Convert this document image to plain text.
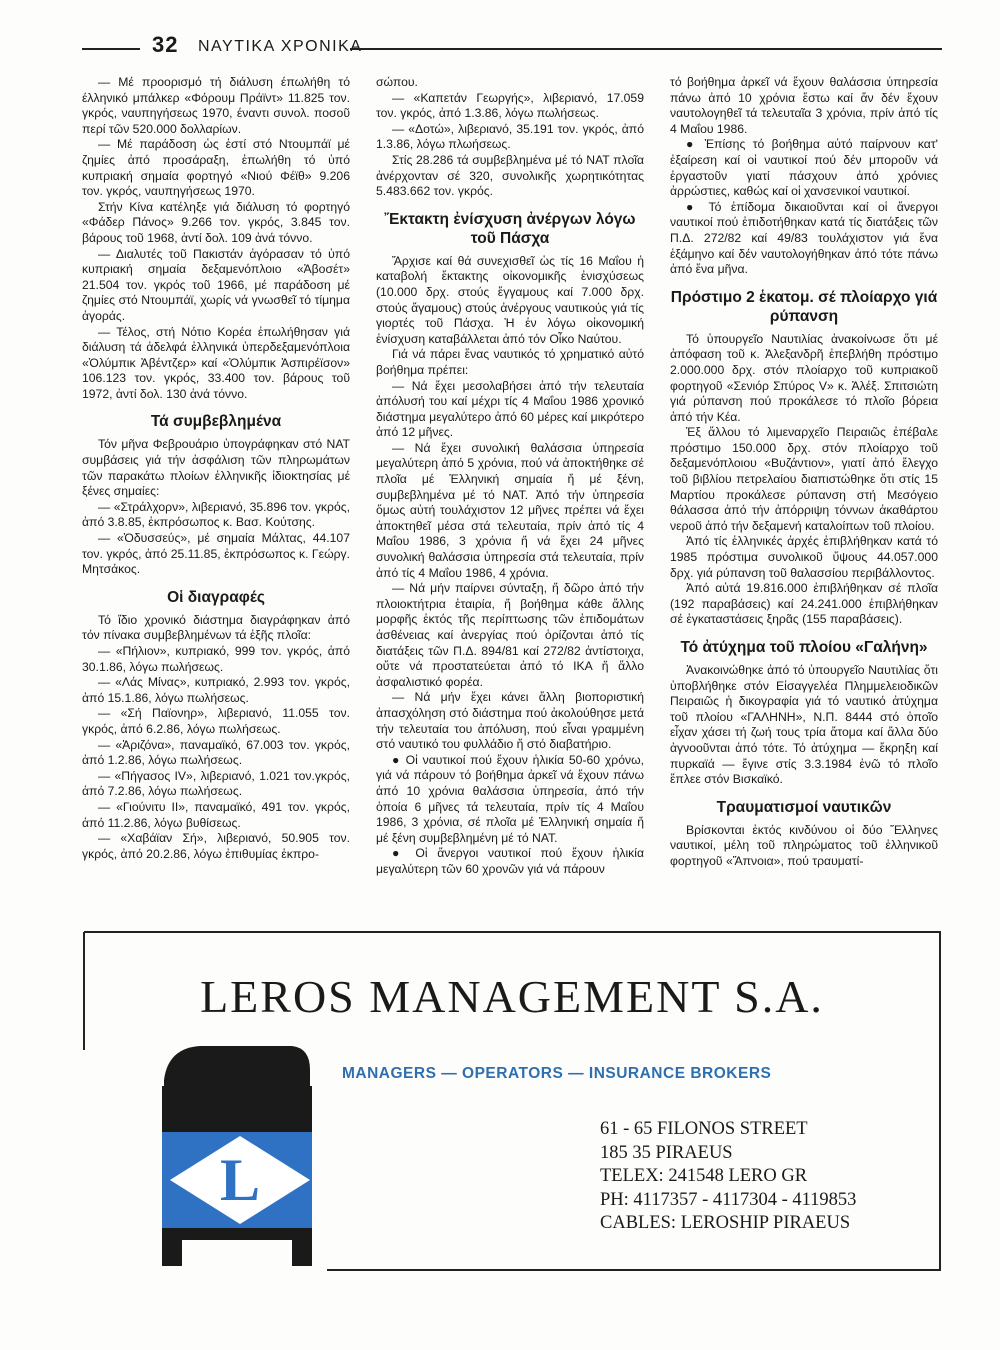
32 ΝΑΥΤΙΚΑ ΧΡΟΝΙΚΑ

— Μέ προορισμό τή διάλυση έπωλήθη τό έλληνικό μπάλκερ «Φόρουμ Πράϊντ» 11.825 τον. γκρός, ναυπηγήσεως 1970, έναντι συνολ. ποσοῦ περί τῶν 520.000 δολλαρίων.

— Μέ παράδοση ὡς ἐστί στό Ντουμπάϊ μέ ζημίες ἀπό προσάραξη, ἐπωλήθη τό ὑπό κυπριακή σημαία φορτηγό «Νιού Φέϊθ» 9.206 τον. γκρός, ναυπηγήσεως 1970.

Στήν Κίνα κατέληξε γιά διάλυση τό φορτηγό «Φάδερ Πάνος» 9.266 τον. γκρός, 3.845 τον. βάρους τοῦ 1968, ἀντί δολ. 109 ἀνά τόννο.

— Διαλυτές τοῦ Πακιστάν ἀγόρασαν τό ὑπό κυπριακή σημαία δεξαμενόπλοιο «Ἀβοσέτ» 21.504 τον. γκρός τοῦ 1966, μέ παράδοση μέ ζημίες στό Ντουμπάϊ, χωρίς νά γνωσθεῖ τό τίμημα ἀγοράς.

— Τέλος, στή Νότιο Κορέα ἐπωλήθησαν γιά διάλυση τά ἀδελφά ἑλληνικά ὑπερδεξαμενόπλοια «Ὀλύμπικ Ἀβέντζερ» καί «Ὀλύμπικ Ἀσπιρέϊσον» 106.123 τον. γκρός, 33.400 τον. βάρους τοῦ 1972, ἀντί δολ. 130 ἀνά τόννο.

Τά συμβεβλημένα

Τόν μῆνα Φεβρουάριο ὑπογράφηκαν στό ΝΑΤ συμβάσεις γιά τήν ἀσφάλιση τῶν πληρωμάτων τῶν παρακάτω πλοίων ἑλληνικῆς ἰδιοκτησίας μέ ξένες σημαίες:

— «Στράλχορν», λιβεριανό, 35.896 τον. γκρός, ἀπό 3.8.85, ἐκπρόσωπος κ. Βασ. Κούτσης.

— «Ὀδυσσεύς», μέ σημαία Μάλτας, 44.107 τον. γκρός, ἀπό 25.11.85, ἐκπρόσωπος κ. Γεώργ. Μητσάκος.

Οἱ διαγραφές

Τό ἴδιο χρονικό διάστημα διαγράφηκαν ἀπό τόν πίνακα συμβεβλημένων τά ἑξῆς πλοῖα:

— «Πήλιον», κυπριακό, 999 τον. γκρός, ἀπό 30.1.86, λόγω πωλήσεως.

— «Λάς Μίνας», κυπριακό, 2.993 τον. γκρός, ἀπό 15.1.86, λόγω πωλήσεως.

— «Σή Παϊονηρ», λιβεριανό, 11.055 τον. γκρός, ἀπό 6.2.86, λόγω πωλήσεως.

— «Ἀριζόνα», παναμαϊκό, 67.003 τον. γκρός, ἀπό 1.2.86, λόγω πωλήσεως.

— «Πήγασος IV», λιβεριανό, 1.021 τον.γκρός, ἀπό 7.2.86, λόγω πωλήσεως.

— «Γιούνιτυ ΙΙ», παναμαϊκό, 491 τον. γκρός, ἀπό 11.2.86, λόγω βυθίσεως.

— «Χαβάϊαν Σή», λιβεριανό, 50.905 τον. γκρός, ἀπό 20.2.86, λόγω ἐπιθυμίας ἐκπρο-

σώπου.

— «Καπετάν Γεωργής», λιβεριανό, 17.059 τον. γκρός, ἀπό 1.3.86, λόγω πωλήσεως.

— «Δοτώ», λιβεριανό, 35.191 τον. γκρός, ἀπό 1.3.86, λόγω πλωήσεως.

Στίς 28.286 τά συμβεβλημένα μέ τό ΝΑΤ πλοῖα ἀνέρχονταν σέ 320, συνολικῆς χωρητικότητας 5.483.662 τον. γκρός.

Ἔκτακτη ἐνίσχυση ἀνέργων λόγω τοῦ Πάσχα

Ἄρχισε καί θά συνεχισθεῖ ὡς τίς 16 Μαΐου ἡ καταβολή ἔκτακτης οἰκονομικῆς ἐνισχύσεως (10.000 δρχ. στούς ἔγγαμους καί 7.000 δρχ. στούς ἄγαμους) στούς ἀνέργους ναυτικούς γιά τίς γιορτές τοῦ Πάσχα. Ἡ ἐν λόγω οἰκονομική ἐνίσχυση καταβάλλεται ἀπό τόν Οἶκο Ναύτου.

Γιά νά πάρει ἕνας ναυτικός τό χρηματικό αὐτό βοήθημα πρέπει:

— Νά ἔχει μεσολαβήσει ἀπό τήν τελευταία ἀπόλυσή του καί μέχρι τίς 4 Μαΐου 1986 χρονικό διάστημα μεγαλύτερο ἀπό 60 μέρες καί μικρότερο ἀπό 12 μῆνες.

— Νά ἔχει συνολική θαλάσσια ὑπηρεσία μεγαλύτερη ἀπό 5 χρόνια, πού νά ἀποκτήθηκε σέ πλοῖα μέ Ἑλληνική σημαία ἤ μέ ξένη, συμβεβλημένα μέ τό ΝΑΤ. Ἀπό τήν ὑπηρεσία ὅμως αὐτή τουλάχιστον 12 μῆνες πρέπει νά ἔχει ἀποκτηθεῖ μέσα στά τελευταία, πρίν ἀπό τίς 4 Μαΐου 1986, 3 χρόνια ἤ νά ἔχει 24 μῆνες συνολική θαλάσσια ὑπηρεσία στά τελευταία, πρίν ἀπό τίς 4 Μαΐου 1986, 4 χρόνια.

— Νά μήν παίρνει σύνταξη, ἤ δῶρο ἀπό τήν πλοιοκτήτρια ἑταιρία, ἤ βοήθημα κάθε ἄλλης μορφῆς ἐκτός τῆς περίπτωσης τῶν ἐπιδομάτων ἀσθένειας καί ἀνεργίας πού ὁρίζονται ἀπό τίς διατάξεις τῶν Π.Δ. 894/81 καί 272/82 ἀντίστοιχα, οὔτε νά προστατεύεται ἀπό τό ΙΚΑ ἤ ἄλλο ἀσφαλιστικό φορέα.

— Νά μήν ἔχει κάνει ἄλλη βιοποριστική ἀπασχόληση στό διάστημα πού ἀκολούθησε μετά τήν τελευταία του ἀπόλυση, πού εἶναι γραμμένη στό ναυτικό του φυλλάδιο ἤ στό διαβατήριο.

● Οἱ ναυτικοί πού ἔχουν ἡλικία 50-60 χρόνω, γιά νά πάρουν τό βοήθημα ἀρκεῖ νά ἔχουν πάνω ἀπό 10 χρόνια θαλάσσια ὑπηρεσία, ἀπό τήν ὁποία 6 μῆνες τά τελευταία, πρίν τίς 4 Μαΐου 1986, 3 χρόνια, σέ πλοῖα μέ Ἑλληνική σημαία ἤ μέ ξένη συμβεβλημένη μέ τό ΝΑΤ.

● Οἱ ἄνεργοι ναυτικοί πού ἔχουν ἡλικία μεγαλύτερη τῶν 60 χρονῶν γιά νά πάρουν

τό βοήθημα ἀρκεῖ νά ἔχουν θαλάσσια ὑπηρεσία πάνω ἀπό 10 χρόνια ἔστω καί ἄν δέν ἔχουν ναυτολογηθεῖ τά τελευταῖα 3 χρόνια, πρίν ἀπό τίς 4 Μαΐου 1986.

● Ἐπίσης τό βοήθημα αὐτό παίρνουν κατ' ἐξαίρεση καί οἱ ναυτικοί πού δέν μποροῦν νά ἐργαστοῦν γιατί πάσχουν ἀπό χρόνιες ἀρρώστιες, καθώς καί οἱ χανσενικοί ναυτικοί.

● Τό ἐπίδομα δικαιοῦνται καί οἱ ἄνεργοι ναυτικοί πού ἐπιδοτήθηκαν κατά τίς διατάξεις τῶν Π.Δ. 272/82 καί 49/83 τουλάχιστον γιά ἕνα ἑξάμηνο καί δέν ναυτολογήθηκαν ἀπό τότε πάνω ἀπό ἕνα μῆνα.

Πρόστιμο 2 ἑκατομ. σέ πλοίαρχο γιά ρύπανση

Τό ὑπουργεῖο Ναυτιλίας ἀνακοίνωσε ὅτι μέ ἀπόφαση τοῦ κ. Ἀλεξανδρῆ ἐπεβλήθη πρόστιμο 2.000.000 δρχ. στόν πλοίαρχο τοῦ κυπριακοῦ φορτηγοῦ «Σενιόρ Σπύρος V» κ. Ἀλέξ. Σπιτσιώτη γιά ρύπανση πού προκάλεσε τό πλοῖο βόρεια ἀπό τήν Κέα.

Ἐξ ἄλλου τό λιμεναρχεῖο Πειραιῶς ἐπέβαλε πρόστιμο 150.000 δρχ. στόν πλοίαρχο τοῦ δεξαμενόπλοιου «Βυζάντιον», γιατί ἀπό ἔλεγχο τοῦ βιβλίου πετρελαίου διαπιστώθηκε ὅτι στίς 15 Μαρτίου προκάλεσε ρύπανση στή Μεσόγειο θάλασσα ἀπό τήν ἀπόρριψη τόννων ἀκαθάρτου νεροῦ ἀπό τήν δεξαμενή καταλοίπων τοῦ πλοίου.

Ἀπό τίς ἑλληνικές ἀρχές ἐπιβλήθηκαν κατά τό 1985 πρόστιμα συνολικοῦ ὕψους 44.057.000 δρχ. γιά ρύπανση τοῦ θαλασσίου περιβάλλοντος.

Ἀπό αὐτά 19.816.000 ἐπιβλήθηκαν σέ πλοῖα (192 παραβάσεις) καί 24.241.000 ἐπιβλήθηκαν σέ ἐγκαταστάσεις ξηρᾶς (155 παραβάσεις).

Τό ἀτύχημα τοῦ πλοίου «Γαλήνη»

Ἀνακοινώθηκε ἀπό τό ὑπουργεῖο Ναυτιλίας ὅτι ὑποβλήθηκε στόν Εἰσαγγελέα Πλημμελειοδικῶν Πειραιῶς ἡ δικογραφία γιά τό ναυτικό ἀτύχημα τοῦ πλοίου «ΓΑΛΗΝΗ», Ν.Π. 8444 στό ὁποῖο εἶχαν χάσει τή ζωή τους τρία ἄτομα καί ἄλλα δύο ἀγνοοῦνται ἀπό τότε. Τό ἀτύχημα — ἔκρηξη καί πυρκαϊά — ἔγινε στίς 3.3.1984 ἐνῶ τό πλοῖο ἔπλεε στόν Βισκαϊκό.

Τραυματισμοί ναυτικῶν

Βρίσκονται ἐκτός κινδύνου οἱ δύο Ἕλληνες ναυτικοί, μέλη τοῦ πληρώματος τοῦ ἑλληνικοῦ φορτηγοῦ «Ἄπνοια», πού τραυματί-

LEROS MANAGEMENT S.A.
L
MANAGERS — OPERATORS — INSURANCE BROKERS
61 - 65 FILONOS STREET
185 35 PIRAEUS
TELEX: 241548 LERO GR
PH: 4117357 - 4117304 - 4119853
CABLES: LEROSHIP PIRAEUS
